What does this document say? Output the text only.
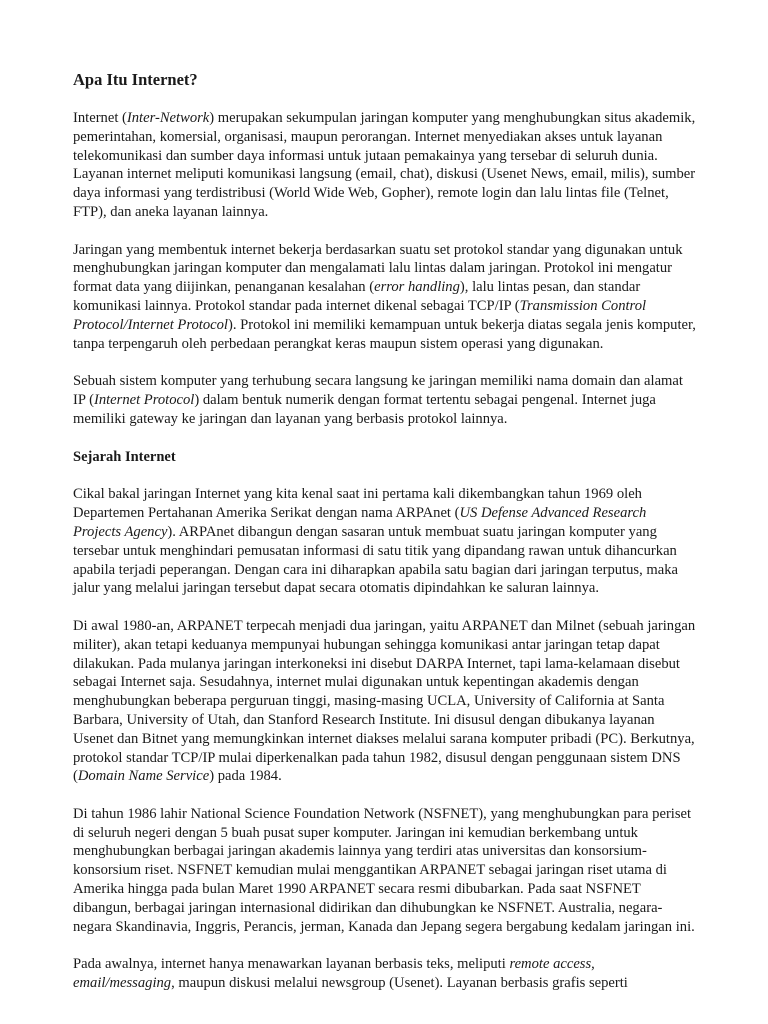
Apa Itu Internet?

Internet (Inter-Network) merupakan sekumpulan jaringan komputer yang menghubungkan situs akademik, pemerintahan, komersial, organisasi, maupun perorangan. Internet menyediakan akses untuk layanan telekomunikasi dan sumber daya informasi untuk jutaan pemakainya yang tersebar di seluruh dunia. Layanan internet meliputi komunikasi langsung (email, chat), diskusi (Usenet News, email, milis), sumber daya informasi yang terdistribusi (World Wide Web, Gopher), remote login dan lalu lintas file (Telnet, FTP), dan aneka layanan lainnya.

Jaringan yang membentuk internet bekerja berdasarkan suatu set protokol standar yang digunakan untuk menghubungkan jaringan komputer dan mengalamati lalu lintas dalam jaringan. Protokol ini mengatur format data yang diijinkan, penanganan kesalahan (error handling), lalu lintas pesan, dan standar komunikasi lainnya. Protokol standar pada internet dikenal sebagai TCP/IP (Transmission Control Protocol/Internet Protocol). Protokol ini memiliki kemampuan untuk bekerja diatas segala jenis komputer, tanpa terpengaruh oleh perbedaan perangkat keras maupun sistem operasi yang digunakan.

Sebuah sistem komputer yang terhubung secara langsung ke jaringan memiliki nama domain dan alamat IP (Internet Protocol) dalam bentuk numerik dengan format tertentu sebagai pengenal. Internet juga memiliki gateway ke jaringan dan layanan yang berbasis protokol lainnya.

Sejarah Internet

Cikal bakal jaringan Internet yang kita kenal saat ini pertama kali dikembangkan tahun 1969 oleh Departemen Pertahanan Amerika Serikat dengan nama ARPAnet (US Defense Advanced Research Projects Agency). ARPAnet dibangun dengan sasaran untuk membuat suatu jaringan komputer yang tersebar untuk menghindari pemusatan informasi di satu titik yang dipandang rawan untuk dihancurkan apabila terjadi peperangan. Dengan cara ini diharapkan apabila satu bagian dari jaringan terputus, maka jalur yang melalui jaringan tersebut dapat secara otomatis dipindahkan ke saluran lainnya.

Di awal 1980-an, ARPANET terpecah menjadi dua jaringan, yaitu ARPANET dan Milnet (sebuah jaringan militer), akan tetapi keduanya mempunyai hubungan sehingga komunikasi antar jaringan tetap dapat dilakukan. Pada mulanya jaringan interkoneksi ini disebut DARPA Internet, tapi lama-kelamaan disebut sebagai Internet saja. Sesudahnya, internet mulai digunakan untuk kepentingan akademis dengan menghubungkan beberapa perguruan tinggi, masing-masing UCLA, University of California at Santa Barbara, University of Utah, dan Stanford Research Institute. Ini disusul dengan dibukanya layanan Usenet dan Bitnet yang memungkinkan internet diakses melalui sarana komputer pribadi (PC). Berkutnya, protokol standar TCP/IP mulai diperkenalkan pada tahun 1982, disusul dengan penggunaan sistem DNS (Domain Name Service) pada 1984.

Di tahun 1986 lahir National Science Foundation Network (NSFNET), yang menghubungkan para periset di seluruh negeri dengan 5 buah pusat super komputer. Jaringan ini kemudian berkembang untuk menghubungkan berbagai jaringan akademis lainnya yang terdiri atas universitas dan konsorsium-konsorsium riset. NSFNET kemudian mulai menggantikan ARPANET sebagai jaringan riset utama di Amerika hingga pada bulan Maret 1990 ARPANET secara resmi dibubarkan. Pada saat NSFNET dibangun, berbagai jaringan internasional didirikan dan dihubungkan ke NSFNET. Australia, negara-negara Skandinavia, Inggris, Perancis, jerman, Kanada dan Jepang segera bergabung kedalam jaringan ini.

Pada awalnya, internet hanya menawarkan layanan berbasis teks, meliputi remote access, email/messaging, maupun diskusi melalui newsgroup (Usenet). Layanan berbasis grafis seperti
